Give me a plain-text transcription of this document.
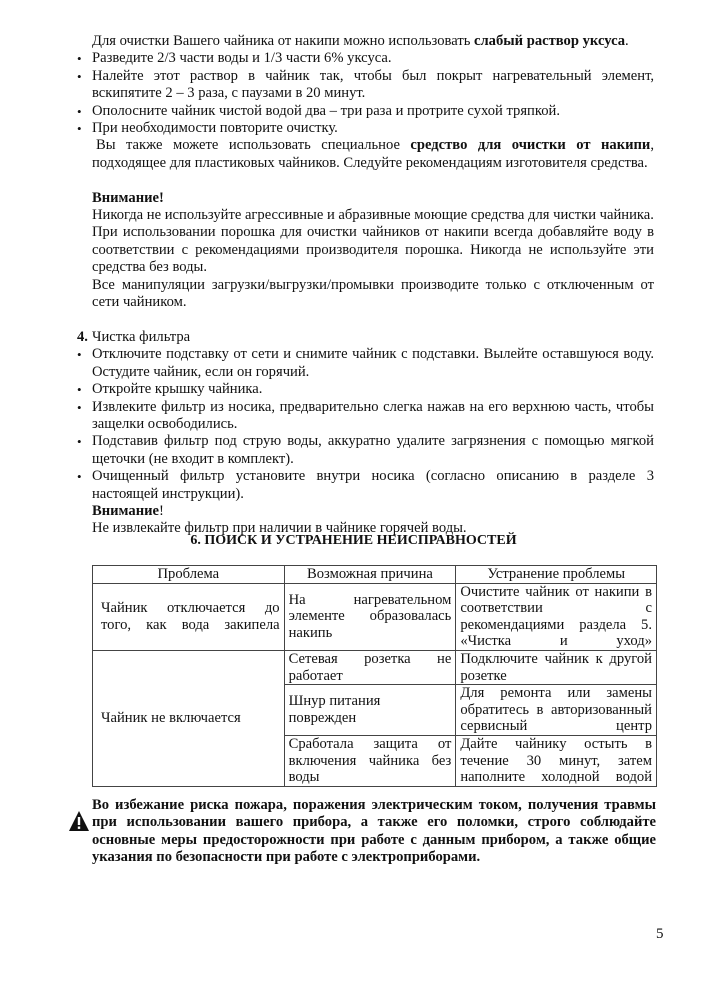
Для очистки Вашего чайника от накипи можно использовать слабый раствор уксуса.

• Разведите 2/3 части воды и 1/3 части 6% уксуса.

• Налейте этот раствор в чайник так, чтобы был покрыт нагревательный элемент, вскипятите 2 – 3 раза, с паузами в 20 минут.

• Ополосните чайник чистой водой два – три раза и протрите сухой тряпкой.

• При необходимости повторите очистку.

Вы также можете использовать специальное средство для очистки от накипи, подходящее для пластиковых чайников. Следуйте рекомендациям изготовителя средства.

Внимание!

Никогда не используйте агрессивные и абразивные моющие средства для чистки чайника.

При использовании порошка для очистки чайников от накипи всегда добавляйте воду в соответствии с рекомендациями производителя порошка. Никогда не используйте эти средства без воды.

Все манипуляции загрузки/выгрузки/промывки производите только с отключенным от сети чайником.

4. Чистка фильтра

• Отключите подставку от сети и снимите чайник с подставки. Вылейте оставшуюся воду. Остудите чайник, если он горячий.

• Откройте крышку чайника.

• Извлеките фильтр из носика, предварительно слегка нажав на его верхнюю часть, чтобы защелки освободились.

• Подставив фильтр под струю воды, аккуратно удалите загрязнения с помощью мягкой щеточки (не входит в комплект).

• Очищенный фильтр установите внутри носика (согласно описанию в разделе 3 настоящей инструкции).

Внимание!

Не извлекайте фильтр при наличии в чайнике горячей воды.

6. ПОИСК И УСТРАНЕНИЕ НЕИСПРАВНОСТЕЙ
Проблема	Возможная причина	Устранение проблемы
Чайник отключается до того, как вода закипела	На нагревательном элементе образовалась накипь	Очистите чайник от накипи в соответствии с рекомендациями раздела 5. «Чистка и уход»
Чайник не включается	Сетевая розетка не работает	Подключите чайник к другой розетке
	Шнур питания поврежден	Для ремонта или замены обратитесь в авторизованный сервисный центр
	Сработала защита от включения чайника без воды	Дайте чайнику остыть в течение 30 минут, затем наполните холодной водой
Во избежание риска пожара, поражения электрическим током, получения травмы при использовании вашего прибора, а также его поломки, строго соблюдайте основные меры предосторожности при работе с данным прибором, а также общие указания по безопасности при работе с электроприборами.
5
